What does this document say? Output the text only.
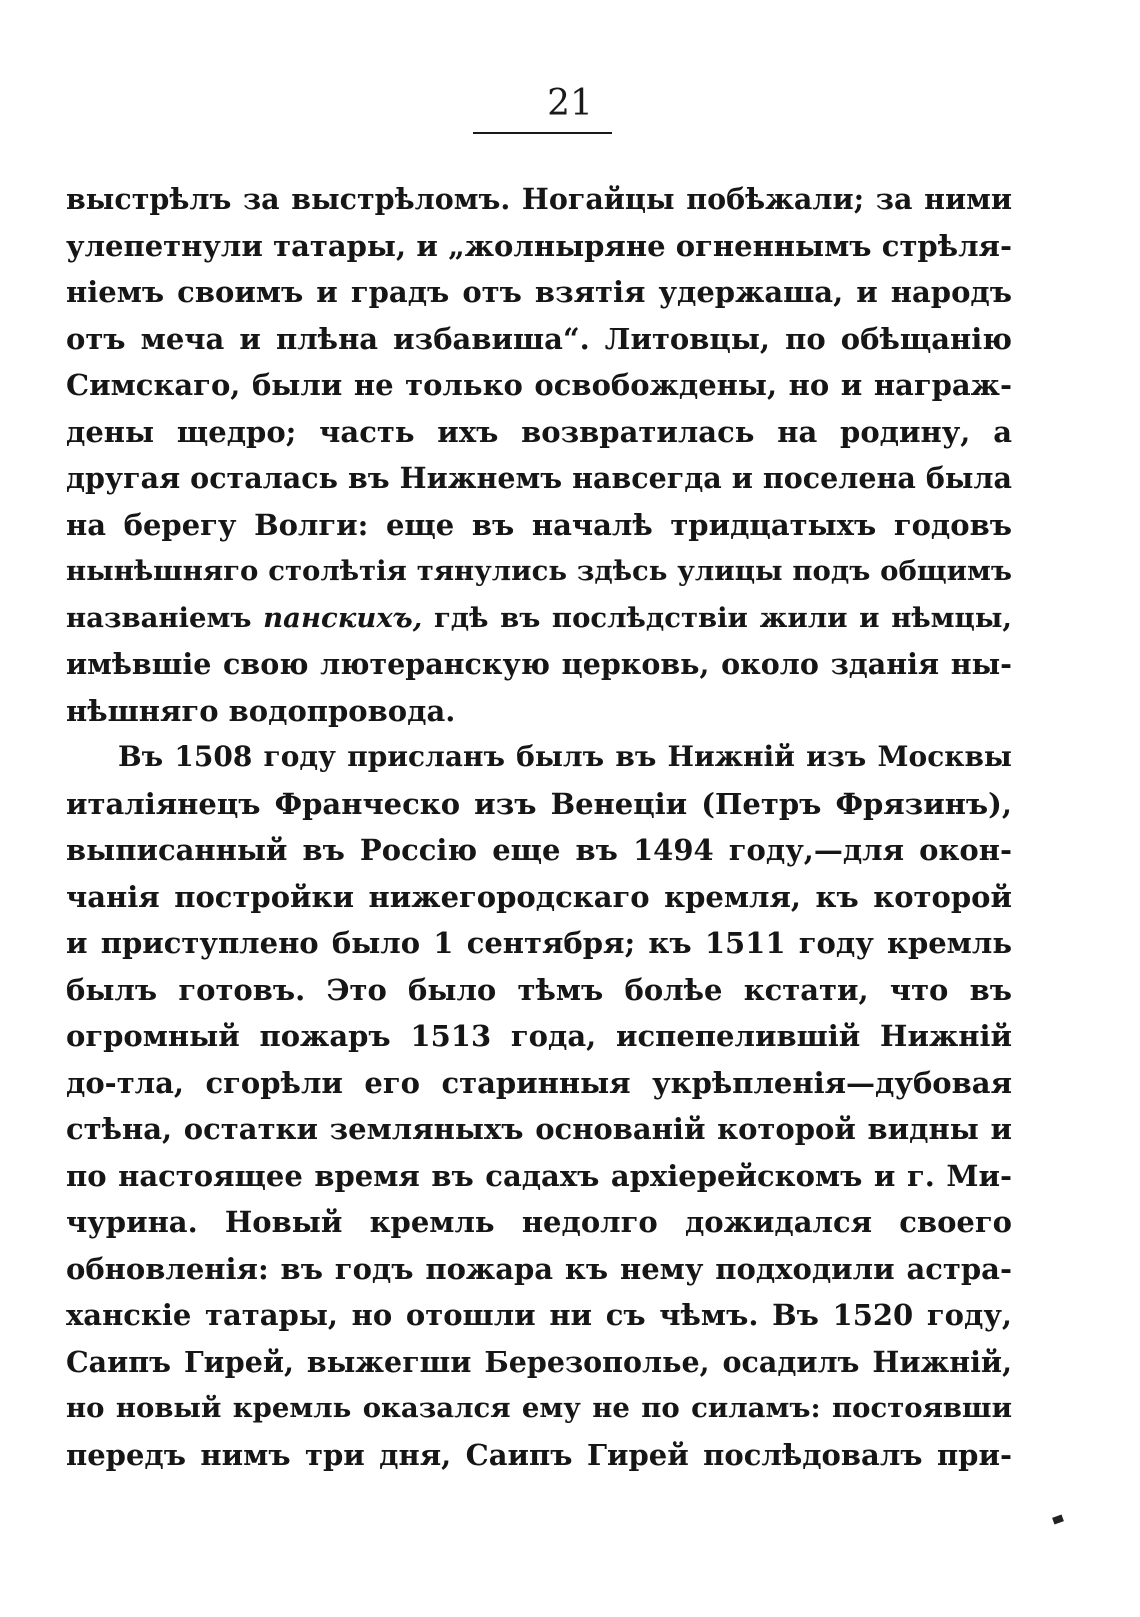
21
выстрѣлъ за выстрѣломъ. Ногайцы побѣжали; за ними
улепетнули татары, и „жолныряне огненнымъ стрѣля-
ніемъ своимъ и градъ отъ взятія удержаша, и народъ
отъ меча и плѣна избавиша“. Литовцы, по обѣщанію
Симскаго, были не только освобождены, но и награж-
дены щедро; часть ихъ возвратилась на родину, а
другая осталась въ Нижнемъ навсегда и поселена была
на берегу Волги: еще въ началѣ тридцатыхъ годовъ
нынѣшняго столѣтія тянулись здѣсь улицы подъ общимъ
названіемъ панскихъ, гдѣ въ послѣдствіи жили и нѣмцы,
имѣвшіе свою лютеранскую церковь, около зданія ны-
нѣшняго водопровода.
Въ 1508 году присланъ былъ въ Нижній изъ Москвы
италіянецъ Франческо изъ Венеціи (Петръ Фрязинъ),
выписанный въ Россію еще въ 1494 году,—для окон-
чанія постройки нижегородскаго кремля, къ которой
и приступлено было 1 сентября; къ 1511 году кремль
былъ готовъ. Это было тѣмъ болѣе кстати, что въ
огромный пожаръ 1513 года, испепелившій Нижній
до-тла, сгорѣли его старинныя укрѣпленія—дубовая
стѣна, остатки земляныхъ основаній которой видны и
по настоящее время въ садахъ архіерейскомъ и г. Ми-
чурина. Новый кремль недолго дожидался своего
обновленія: въ годъ пожара къ нему подходили астра-
ханскіе татары, но отошли ни съ чѣмъ. Въ 1520 году,
Саипъ Гирей, выжегши Березополье, осадилъ Нижній,
но новый кремль оказался ему не по силамъ: постоявши
передъ нимъ три дня, Саипъ Гирей послѣдовалъ при-
